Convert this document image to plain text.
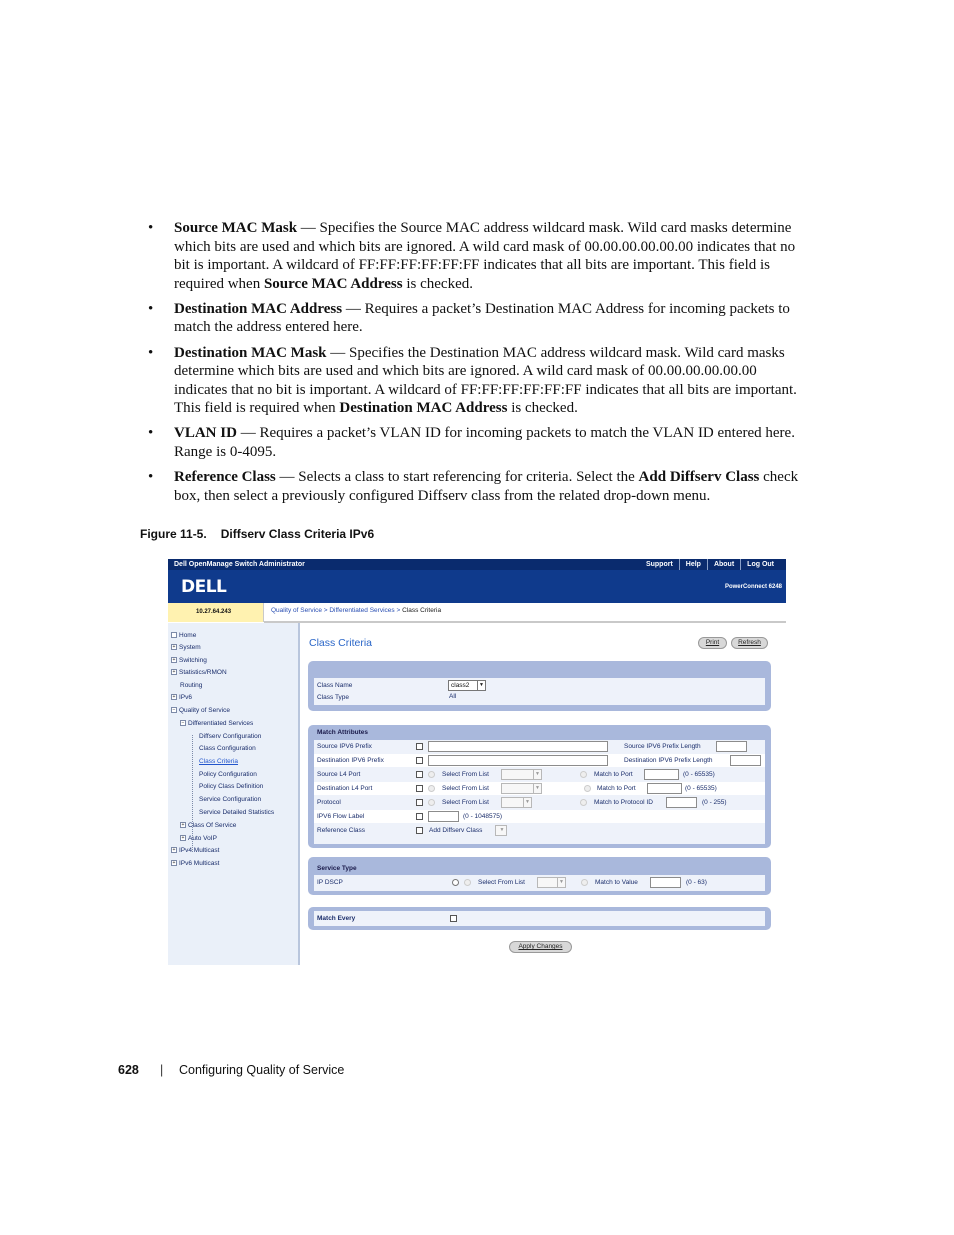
• Source MAC Mask — Specifies the Source MAC address wildcard mask. Wild card masks determine which bits are used and which bits are ignored. A wild card mask of 00.00.00.00.00.00 indicates that no bit is important. A wildcard of FF:FF:FF:FF:FF:FF indicates that all bits are important. This field is required when Source MAC Address is checked.
• Destination MAC Address — Requires a packet’s Destination MAC Address for incoming packets to match the address entered here.
• Destination MAC Mask — Specifies the Destination MAC address wildcard mask. Wild card masks determine which bits are used and which bits are ignored. A wild card mask of 00.00.00.00.00.00 indicates that no bit is important. A wildcard of FF:FF:FF:FF:FF:FF indicates that all bits are important. This field is required when Destination MAC Address is checked.
• VLAN ID — Requires a packet’s VLAN ID for incoming packets to match the VLAN ID entered here. Range is 0-4095.
• Reference Class — Selects a class to start referencing for criteria. Select the Add Diffserv Class check box, then select a previously configured Diffserv class from the related drop-down menu.
Figure 11-5. Diffserv Class Criteria IPv6
Dell OpenManage Switch Administrator	Support	Help	About	Log Out
DELL	PowerConnect 6248
10.27.64.243	Quality of Service > Differentiated Services > Class Criteria
Home
+ System
+ Switching
+ Statistics/RMON
Routing
+ IPv6
− Quality of Service
− Differentiated Services
Diffserv Configuration
Class Configuration
Class Criteria
Policy Configuration
Policy Class Definition
Service Configuration
Service Detailed Statistics
+ Class Of Service
+ Auto VoIP
+ IPv4 Multicast
+ IPv6 Multicast
Class Criteria	Print	Refresh
Class Name	class2	▼
Class Type	All
Match Attributes
Source IPV6 Prefix	Source IPV6 Prefix Length
Destination IPV6 Prefix	Destination IPV6 Prefix Length
Source L4 Port	Select From List	▼	Match to Port	(0 - 65535)
Destination L4 Port	Select From List	▼	Match to Port	(0 - 65535)
Protocol	Select From List	▼	Match to Protocol ID	(0 - 255)
IPV6 Flow Label	(0 - 1048575)
Reference Class	Add Diffserv Class	▼
Service Type
IP DSCP	Select From List	▼	Match to Value	(0 - 63)
Match Every
Apply Changes
628 | Configuring Quality of Service
